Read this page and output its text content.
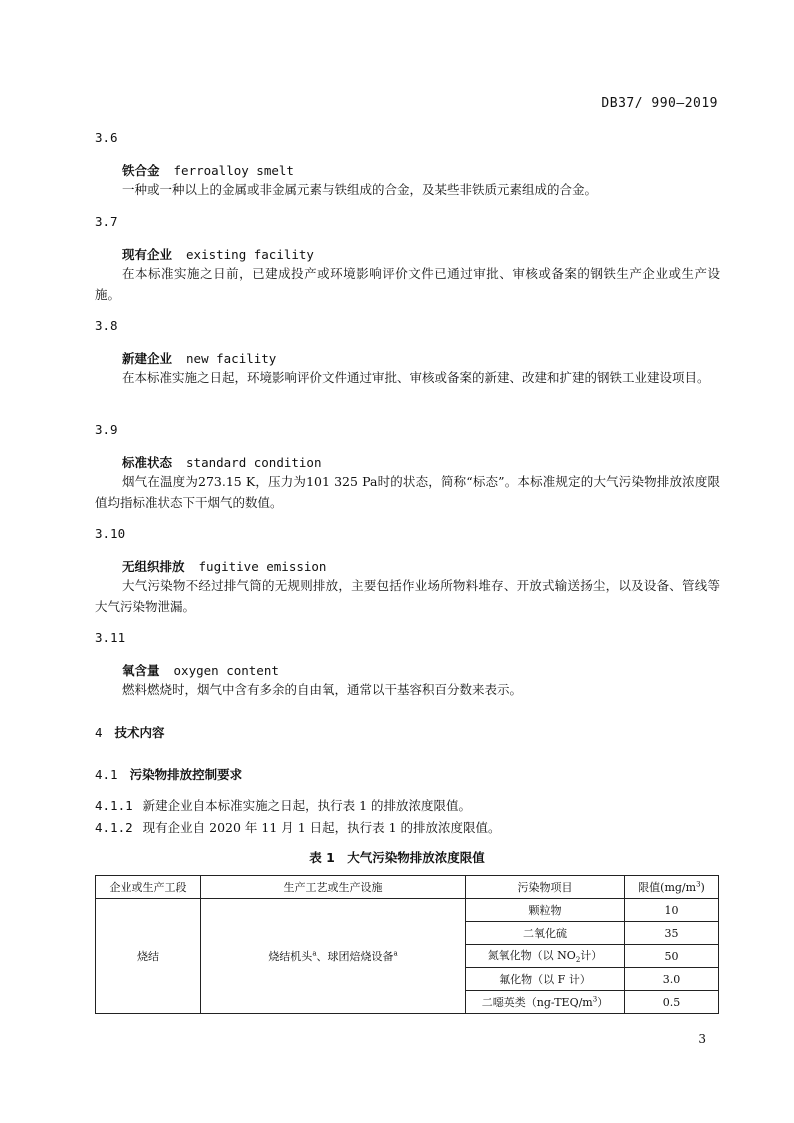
DB37/ 990—2019
3.6
铁合金 ferroalloy smelt
一种或一种以上的金属或非金属元素与铁组成的合金，及某些非铁质元素组成的合金。
3.7
现有企业 existing facility
在本标准实施之日前，已建成投产或环境影响评价文件已通过审批、审核或备案的钢铁生产企业或生产设施。
3.8
新建企业 new facility
在本标准实施之日起，环境影响评价文件通过审批、审核或备案的新建、改建和扩建的钢铁工业建设项目。
3.9
标准状态 standard condition
烟气在温度为273.15 K，压力为101 325 Pa时的状态，简称“标态”。本标准规定的大气污染物排放浓度限值均指标准状态下干烟气的数值。
3.10
无组织排放 fugitive emission
大气污染物不经过排气筒的无规则排放，主要包括作业场所物料堆存、开放式输送扬尘，以及设备、管线等大气污染物泄漏。
3.11
氧含量 oxygen content
燃料燃烧时，烟气中含有多余的自由氧，通常以干基容积百分数来表示。
4 技术内容
4.1 污染物排放控制要求
4.1.1 新建企业自本标准实施之日起，执行表 1 的排放浓度限值。
4.1.2 现有企业自 2020 年 11 月 1 日起，执行表 1 的排放浓度限值。
表 1　大气污染物排放浓度限值
企业或生产工段	生产工艺或生产设施	污染物项目	限值$(mg/m^3)$
烧结	烧结机头$^a$、球团焙烧设备$^a$	颗粒物	10
		二氧化硫	35
		氮氧化物（以 $NO_2$计）	50
		氟化物（以 F 计）	3.0
		二噁英类$(ng-TEQ/m^3)$	0.5
3
